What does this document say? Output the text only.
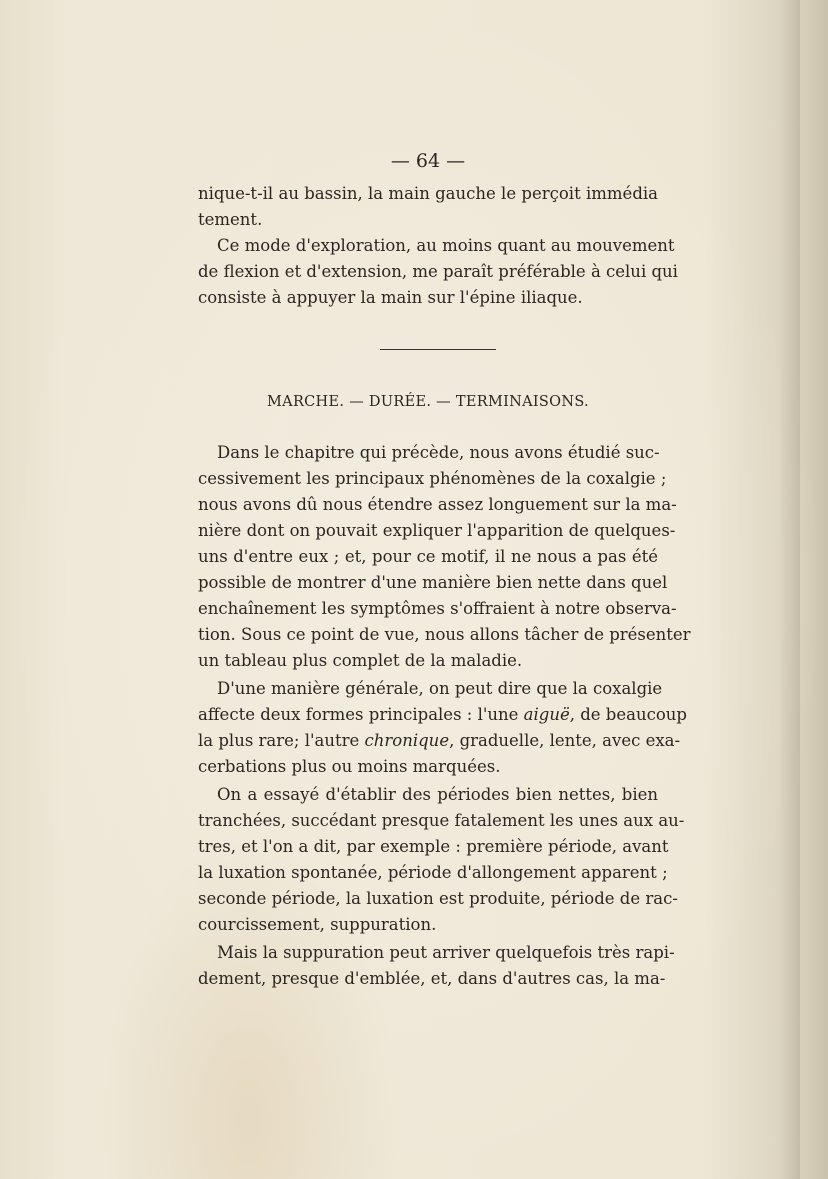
— 64 —
nique-t-il au bassin, la main gauche le perçoit immédia
tement.
Ce mode d'exploration, au moins quant au mouvement
de flexion et d'extension, me paraît préférable à celui qui
consiste à appuyer la main sur l'épine iliaque.
MARCHE. — DURÉE. — TERMINAISONS.
Dans le chapitre qui précède, nous avons étudié suc-
cessivement les principaux phénomènes de la coxalgie ;
nous avons dû nous étendre assez longuement sur la ma-
nière dont on pouvait expliquer l'apparition de quelques-
uns d'entre eux ; et, pour ce motif, il ne nous a pas été
possible de montrer d'une manière bien nette dans quel
enchaînement les symptômes s'offraient à notre observa-
tion. Sous ce point de vue, nous allons tâcher de présenter
un tableau plus complet de la maladie.
D'une manière générale, on peut dire que la coxalgie
affecte deux formes principales : l'une aiguë, de beaucoup
la plus rare; l'autre chronique, graduelle, lente, avec exa-
cerbations plus ou moins marquées.
On a essayé d'établir des périodes bien nettes, bien
tranchées, succédant presque fatalement les unes aux au-
tres, et l'on a dit, par exemple : première période, avant
la luxation spontanée, période d'allongement apparent ;
seconde période, la luxation est produite, période de rac-
courcissement, suppuration.
Mais la suppuration peut arriver quelquefois très rapi-
dement, presque d'emblée, et, dans d'autres cas, la ma-
